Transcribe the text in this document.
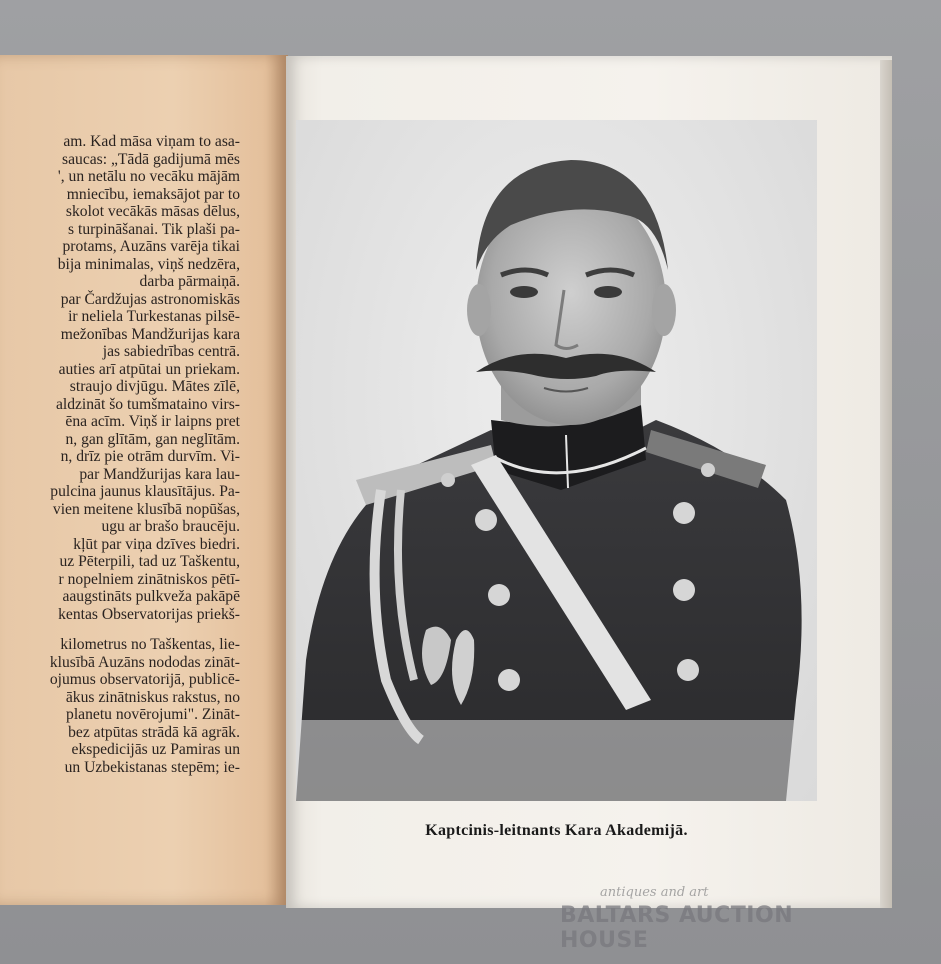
am. Kad māsa viņam to asa-
saucas: „Tādā gadijumā mēs
', un netālu no vecāku mājām
mniecību, iemaksājot par to
skolot vecākās māsas dēlus,
s turpināšanai. Tik plaši pa-
protams, Auzāns varēja tikai
bija minimalas, viņš nedzēra,
darba pārmaiņā.
par Čardžujas astronomiskās
ir neliela Turkestanas pilsē-
mežonības Mandžurijas kara
jas sabiedrības centrā.
auties arī atpūtai un priekam.
straujo divjūgu. Mātes zīlē,
aldzināt šo tumšmataino virs-
ēna acīm. Viņš ir laipns pret
n, gan glītām, gan neglītām.
n, drīz pie otrām durvīm. Vi-
par Mandžurijas kara lau-
pulcina jaunus klausītājus. Pa-
vien meitene klusībā nopūšas,
ugu ar brašo braucēju.
kļūt par viņa dzīves biedri.
uz Pēterpili, tad uz Taškentu,
r nopelniem zinātniskos pētī-
aaugstināts pulkveža pakāpē
kentas Observatorijas priekš-
kilometrus no Taškentas, lie-
klusībā Auzāns nododas zināt-
ojumus observatorijā, publicē-
ākus zinātniskus rakstus, no
planetu novērojumi". Zināt-
bez atpūtas strādā kā agrāk.
ekspedicijās uz Pamiras un
un Uzbekistanas stepēm; ie-
Kaptcinis-leitnants Kara Akademijā.
antiques and art
BALTARS AUCTION HOUSE
